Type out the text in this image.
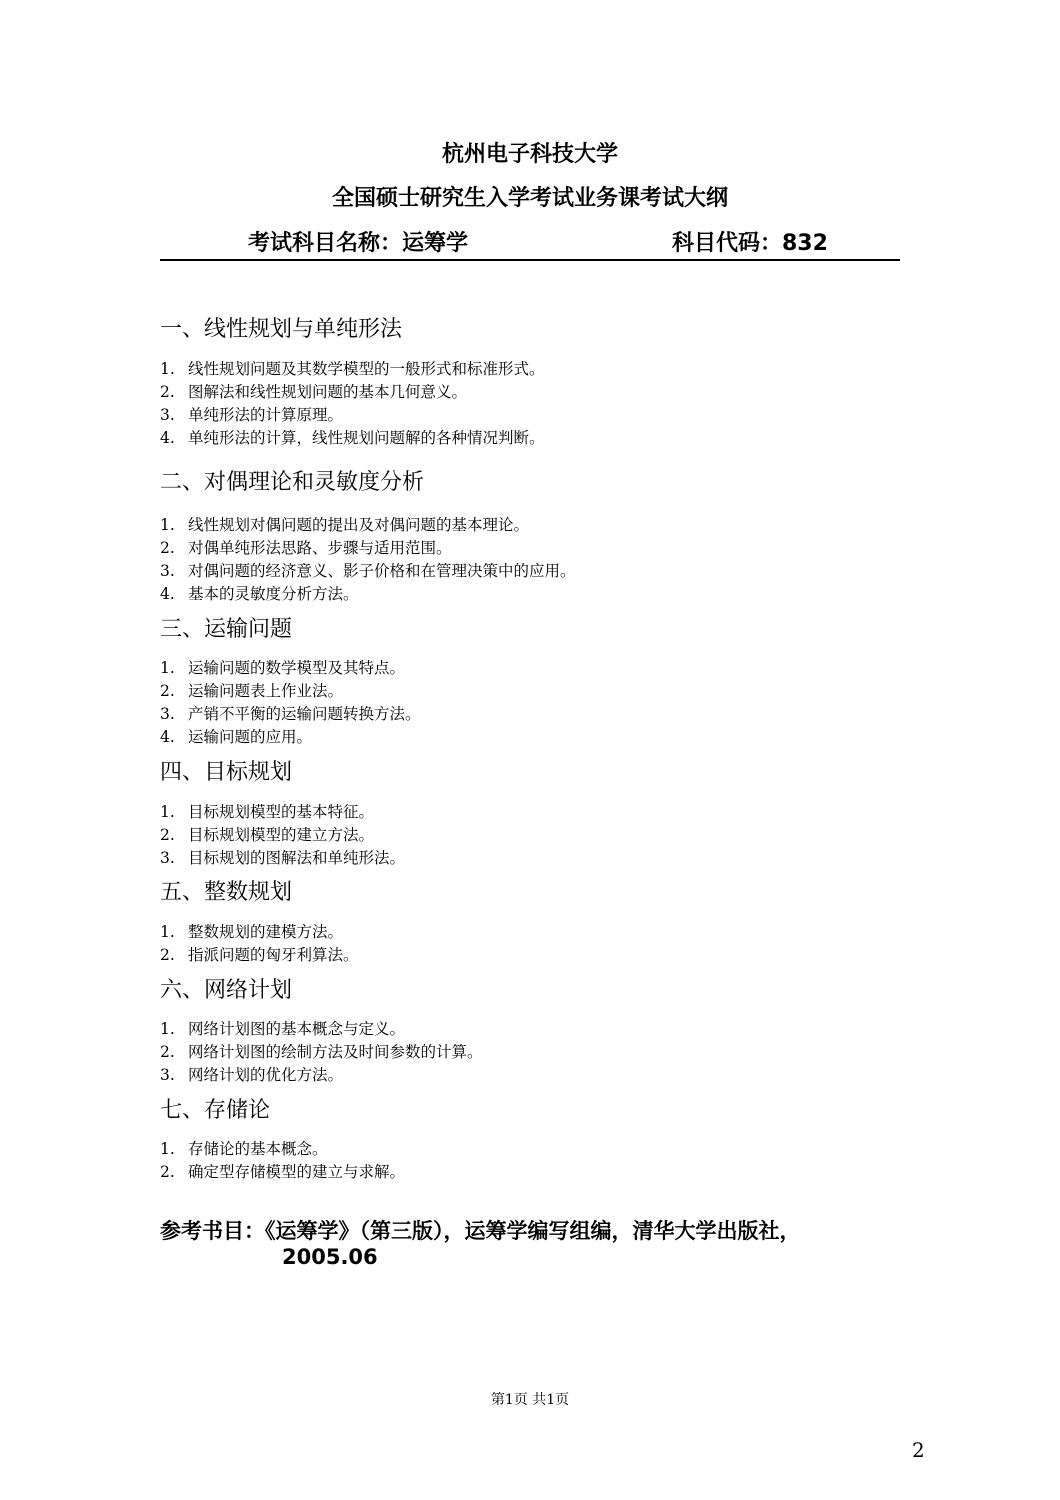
杭州电子科技大学
全国硕士研究生入学考试业务课考试大纲
考试科目名称：运筹学	科目代码：832
一、线性规划与单纯形法
1. 线性规划问题及其数学模型的一般形式和标准形式。
2. 图解法和线性规划问题的基本几何意义。
3. 单纯形法的计算原理。
4. 单纯形法的计算，线性规划问题解的各种情况判断。
二、对偶理论和灵敏度分析
1. 线性规划对偶问题的提出及对偶问题的基本理论。
2. 对偶单纯形法思路、步骤与适用范围。
3. 对偶问题的经济意义、影子价格和在管理决策中的应用。
4. 基本的灵敏度分析方法。
三、运输问题
1. 运输问题的数学模型及其特点。
2. 运输问题表上作业法。
3. 产销不平衡的运输问题转换方法。
4. 运输问题的应用。
四、目标规划
1. 目标规划模型的基本特征。
2. 目标规划模型的建立方法。
3. 目标规划的图解法和单纯形法。
五、整数规划
1. 整数规划的建模方法。
2. 指派问题的匈牙利算法。
六、网络计划
1. 网络计划图的基本概念与定义。
2. 网络计划图的绘制方法及时间参数的计算。
3. 网络计划的优化方法。
七、存储论
1. 存储论的基本概念。
2. 确定型存储模型的建立与求解。
参考书目：《运筹学》（第三版），运筹学编写组编，清华大学出版社，
2005.06
第1页 共1页
2
